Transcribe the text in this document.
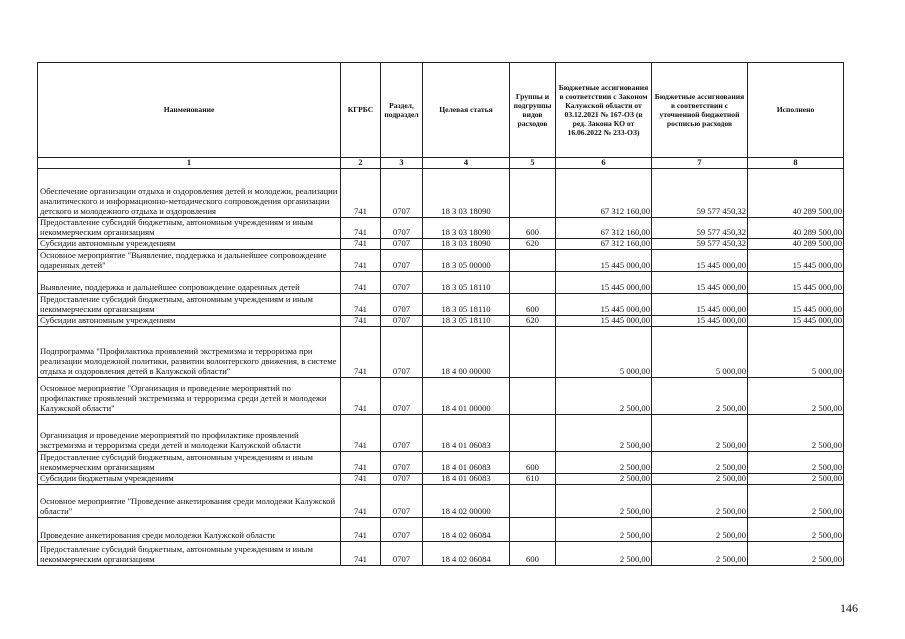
Наименование	КГРБС	Раздел, подраздел	Целевая статья	Группы и подгруппы видов расходов	Бюджетные ассигнования в соответствии с Законом Калужской области от 03.12.2021 № 167-ОЗ (в ред. Закона КО от 16.06.2022 № 233-ОЗ)	Бюджетные ассигнования в соответствии с уточненной бюджетной росписью расходов	Исполнено
1	2	3	4	5	6	7	8
Обеспечение организации отдыха и оздоровления детей и молодежи, реализации аналитического и информационно-методического сопровождения организации детского и молодежного отдыха и оздоровления	741	0707	18 3 03 18090		67 312 160,00	59 577 450,32	40 289 500,00
Предоставление субсидий бюджетным, автономным учреждениям и иным некоммерческим организациям	741	0707	18 3 03 18090	600	67 312 160,00	59 577 450,32	40 289 500,00
Субсидии автономным учреждениям	741	0707	18 3 03 18090	620	67 312 160,00	59 577 450,32	40 289 500,00
Основное мероприятие "Выявление, поддержка и дальнейшее сопровождение одаренных детей"	741	0707	18 3 05 00000		15 445 000,00	15 445 000,00	15 445 000,00
Выявление, поддержка и дальнейшее сопровождение одаренных детей	741	0707	18 3 05 18110		15 445 000,00	15 445 000,00	15 445 000,00
Предоставление субсидий бюджетным, автономным учреждениям и иным некоммерческим организациям	741	0707	18 3 05 18110	600	15 445 000,00	15 445 000,00	15 445 000,00
Субсидии автономным учреждениям	741	0707	18 3 05 18110	620	15 445 000,00	15 445 000,00	15 445 000,00
Подпрограмма "Профилактика проявлений экстремизма и терроризма при реализации молодежной политики, развитии волонтерского движения, в системе отдыха и оздоровления детей в Калужской области"	741	0707	18 4 00 00000		5 000,00	5 000,00	5 000,00
Основное мероприятие "Организация и проведение мероприятий по профилактике проявлений экстремизма и терроризма среди детей и молодежи Калужской области"	741	0707	18 4 01 00000		2 500,00	2 500,00	2 500,00
Организация и проведение мероприятий по профилактике проявлений экстремизма и терроризма среди детей и молодежи Калужской области	741	0707	18 4 01 06083		2 500,00	2 500,00	2 500,00
Предоставление субсидий бюджетным, автономным учреждениям и иным некоммерческим организациям	741	0707	18 4 01 06083	600	2 500,00	2 500,00	2 500,00
Субсидии бюджетным учреждениям	741	0707	18 4 01 06083	610	2 500,00	2 500,00	2 500,00
Основное мероприятие "Проведение анкетирования среди молодежи Калужской области"	741	0707	18 4 02 00000		2 500,00	2 500,00	2 500,00
Проведение анкетирования среди молодежи Калужской области	741	0707	18 4 02 06084		2 500,00	2 500,00	2 500,00
Предоставление субсидий бюджетным, автономным учреждениям и иным некоммерческим организациям	741	0707	18 4 02 06084	600	2 500,00	2 500,00	2 500,00
146
